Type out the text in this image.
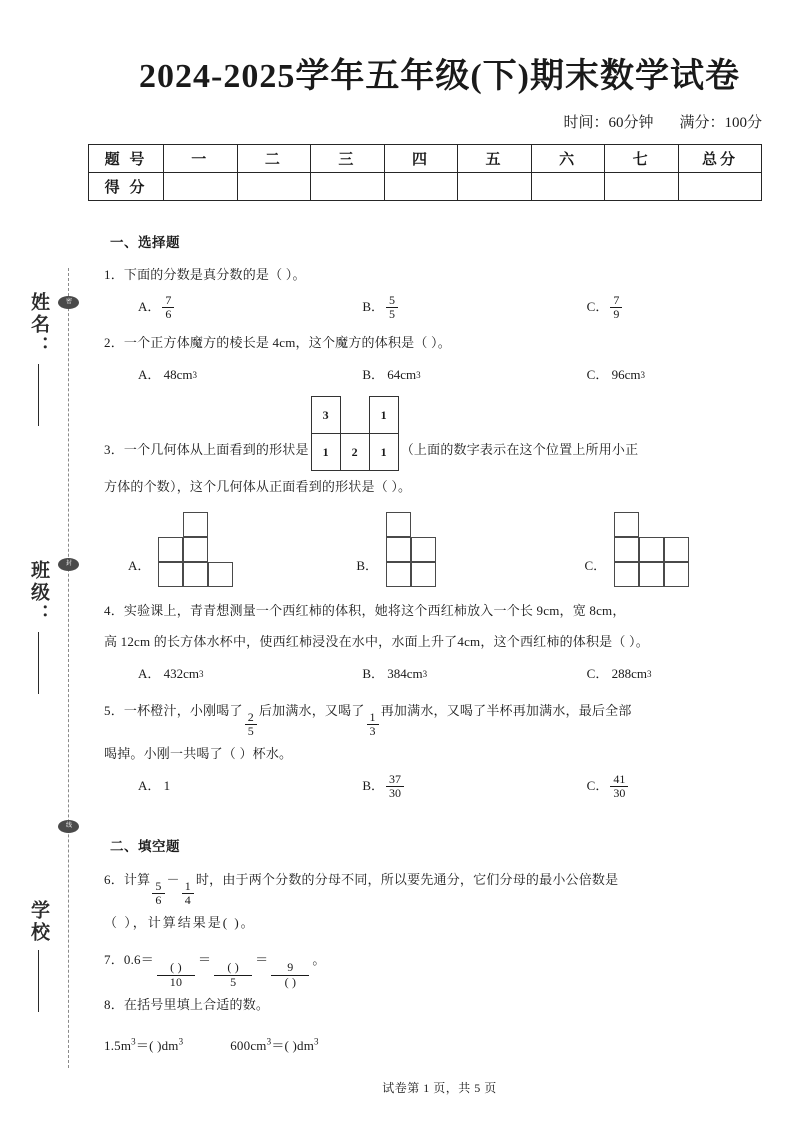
姓名：
班级：
学校
密
封
线
2024-2025学年五年级(下)期末数学试卷
时间：60分钟 满分：100分
题 号	一	二	三	四	五	六	七	总分
得 分								
一、选择题
1．下面的分数是真分数的是（ ）。
A． $\frac{7}{6}$	B． $\frac{5}{5}$	C． $\frac{7}{9}$
2．一个正方体魔方的棱长是 4cm，这个魔方的体积是（ ）。
A．
48cm 3	B．
64cm 3	C．
96cm 3
3．一个几何体从上面看到的形状是
3		1
1	2	1 （上面的数字表示在这个位置上所用小正
方体的个数），这个几何体从正面看到的形状是（ ）。
A．	B．	C．
4．实验课上，青青想测量一个西红柿的体积，她将这个西红柿放入一个长 9cm，宽 8cm，
高 12cm 的长方体水杯中，使西红柿浸没在水中，水面上升了4cm，这个西红柿的体积是（ ）。
A．
432cm 3	B．
384cm 3	C．
288cm 3
5．一杯橙汁，小刚喝了
$\frac{2}{5}$
后加满水，又喝了
$\frac{1}{3}$
再加满水，又喝了半杯再加满水，最后全部
喝掉。小刚一共喝了（ ）杯水。
A．
1	B． $\frac{37}{30}$	C． $\frac{41}{30}$
二、填空题
6．计算
$\frac{5}{6}$
－
$\frac{1}{4}$
时，由于两个分数的分母不同，所以要先通分，它们分母的最小公倍数是
（ ），计算结果是( )。
7．0.6＝
$\frac{( )}{10}$
＝
$\frac{( )}{5}$
＝
$\frac{9}{( )}$
。
8．在括号里填上合适的数。
$1.5m^3=$( )$dm^3$	$600cm^3=$( )$dm^3$
试卷第 1 页，共 5 页
